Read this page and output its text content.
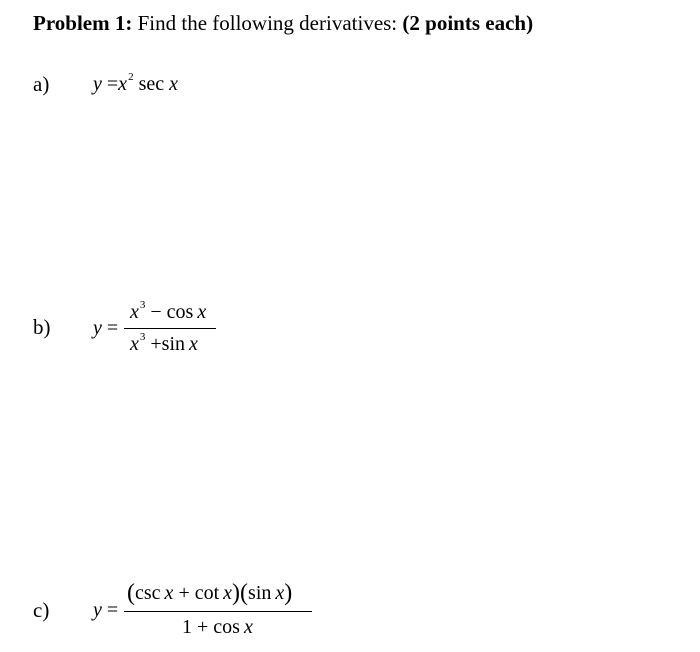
Problem 1: Find the following derivatives: (2 points each)
a) $y =x^2$ sec x
b) y =
$x^3 - \cos x$
$x^3 +\sin$ x
c) y =
(csc x + cot x)(sin x)
1 + cos x
